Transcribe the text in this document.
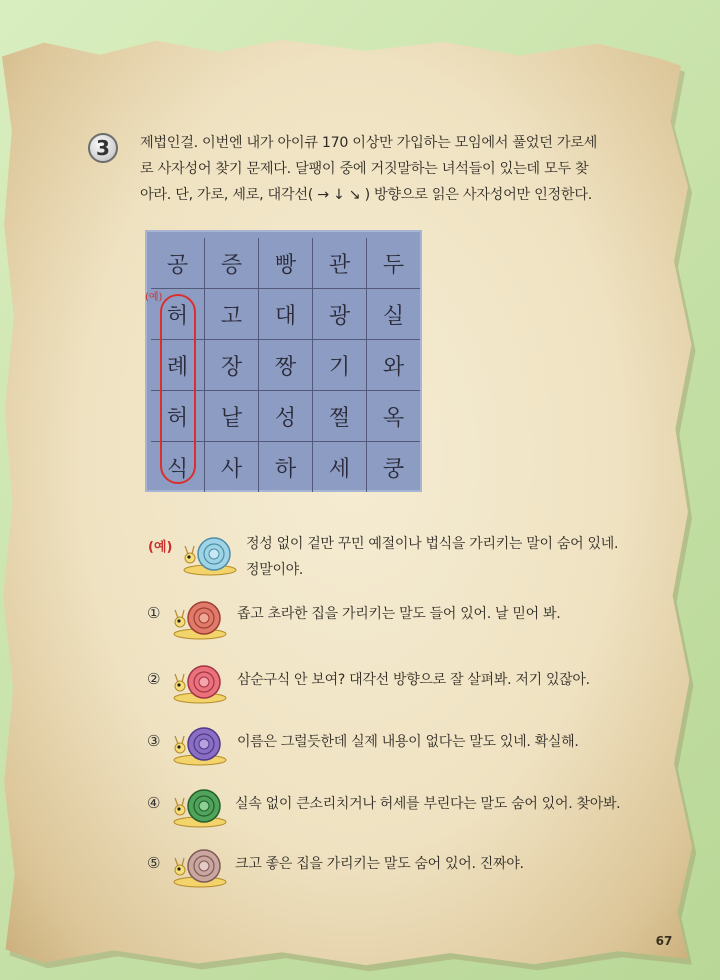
3	제법인걸. 이번엔 내가 아이큐 170 이상만 가입하는 모임에서 풀었던 가로세

로 사자성어 찾기 문제다. 달팽이 중에 거짓말하는 녀석들이 있는데 모두 찾

아라. 단, 가로, 세로, 대각선( → ↓ ↘ ) 방향으로 읽은 사자성어만 인정한다.

공	증	빵	관	두
허	고	대	광	실
례	장	짱	기	와
허	낱	성	쩔	옥
식	사	하	세	쿵
(예)
(예)	정성 없이 겉만 꾸민 예절이나 법식을 가리키는 말이 숨어 있네.
정말이야.
①	좁고 초라한 집을 가리키는 말도 들어 있어. 날 믿어 봐.
②	삼순구식 안 보여? 대각선 방향으로 잘 살펴봐. 저기 있잖아.
③	이름은 그럴듯한데 실제 내용이 없다는 말도 있네. 확실해.
④	실속 없이 큰소리치거나 허세를 부린다는 말도 숨어 있어. 찾아봐.
⑤	크고 좋은 집을 가리키는 말도 숨어 있어. 진짜야.
67
